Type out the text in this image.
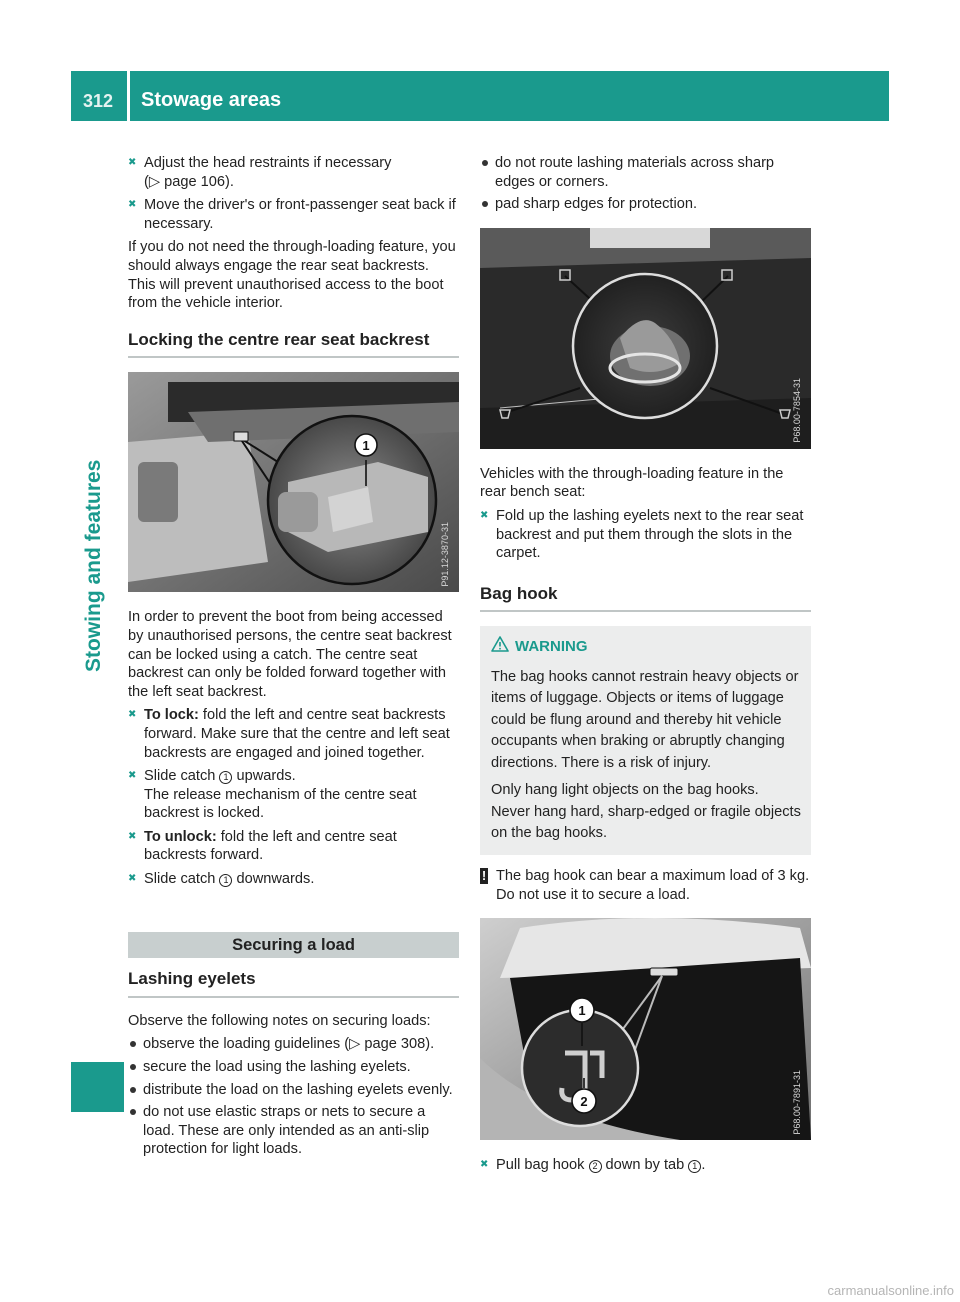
312 Stowage areas
Stowing and features
✖ Adjust the head restraints if necessary
(▷ page 106).
✖ Move the driver's or front-passenger seat back if necessary.

If you do not need the through-loading feature, you should always engage the rear seat backrests. This will prevent unauthorised access to the boot from the vehicle interior.

Locking the centre rear seat backrest
1
P91.12-3870-31

In order to prevent the boot from being accessed by unauthorised persons, the centre seat backrest can be locked using a catch. The centre seat backrest can only be folded forward together with the left seat backrest.

✖ To lock: fold the left and centre seat backrests forward. Make sure that the centre and left seat backrests are engaged and joined together.
✖ Slide catch 1 upwards.
The release mechanism of the centre seat backrest is locked.
✖ To unlock: fold the left and centre seat backrests forward.
✖ Slide catch 1 downwards.
Securing a load
Lashing eyelets

Observe the following notes on securing loads:

observe the loading guidelines (▷ page 308).
secure the load using the lashing eyelets.
distribute the load on the lashing eyelets evenly.
do not use elastic straps or nets to secure a load. These are only intended as an anti-slip protection for light loads.
do not route lashing materials across sharp edges or corners.
pad sharp edges for protection.
P68.00-7854-31

Vehicles with the through-loading feature in the rear bench seat:

✖ Fold up the lashing eyelets next to the rear seat backrest and put them through the slots in the carpet.
Bag hook
WARNING

The bag hooks cannot restrain heavy objects or items of luggage. Objects or items of luggage could be flung around and thereby hit vehicle occupants when braking or abruptly changing directions. There is a risk of injury.

Only hang light objects on the bag hooks. Never hang hard, sharp-edged or fragile objects on the bag hooks.

! The bag hook can bear a maximum load of 3 kg. Do not use it to secure a load.
1
2	P68.00-7891-31
✖ Pull bag hook 2 down by tab 1 .
carmanualsonline.info
